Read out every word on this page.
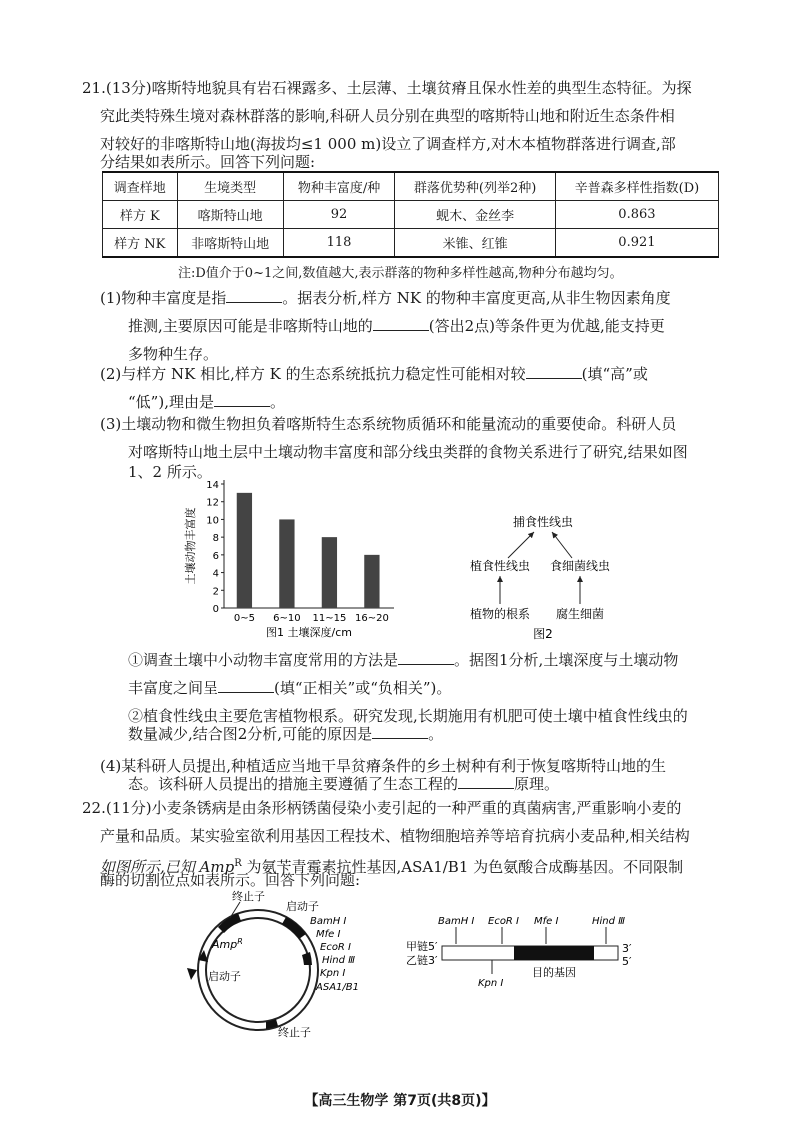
21.(13分)喀斯特地貌具有岩石裸露多、土层薄、土壤贫瘠且保水性差的典型生态特征。为探

究此类特殊生境对森林群落的影响,科研人员分别在典型的喀斯特山地和附近生态条件相

对较好的非喀斯特山地(海拔均≤1 000 m)设立了调查样方,对木本植物群落进行调查,部

分结果如表所示。回答下列问题:

调查样地	生境类型	物种丰富度/种	群落优势种(列举2种)	辛普森多样性指数(D)
样方 K	喀斯特山地	92	蚬木、金丝李	0.863
样方 NK	非喀斯特山地	118	米锥、红锥	0.921
注:D值介于0~1之间,数值越大,表示群落的物种多样性越高,物种分布越均匀。

(1)物种丰富度是指	。据表分析,样方 NK 的物种丰富度更高,从非生物因素角度

推测,主要原因可能是非喀斯特山地的	(答出2点)等条件更为优越,能支持更

多物种生存。

(2)与样方 NK 相比,样方 K 的生态系统抵抗力稳定性可能相对较	(填“高”或

“低”),理由是	。

(3)土壤动物和微生物担负着喀斯特生态系统物质循环和能量流动的重要使命。科研人员

对喀斯特山地土层中土壤动物丰富度和部分线虫类群的食物关系进行了研究,结果如图

1、2 所示。

0
2
4
6
8
10
12
14
0~5 6~10 11~15 16~20
土壤动物丰富度
图1 土壤深度/cm
捕食性线虫
植食性线虫 食细菌线虫
植物的根系 腐生细菌
图2

①调查土壤中小动物丰富度常用的方法是	。据图1分析,土壤深度与土壤动物

丰富度之间呈	(填“正相关”或“负相关”)。

②植食性线虫主要危害植物根系。研究发现,长期施用有机肥可使土壤中植食性线虫的

数量减少,结合图2分析,可能的原因是	。

(4)某科研人员提出,种植适应当地干旱贫瘠条件的乡土树种有利于恢复喀斯特山地的生

态。该科研人员提出的措施主要遵循了生态工程的	原理。

22.(11分)小麦条锈病是由条形柄锈菌侵染小麦引起的一种严重的真菌病害,严重影响小麦的

产量和品质。某实验室欲利用基因工程技术、植物细胞培养等培育抗病小麦品种,相关结构

如图所示,已知 Amp$^R$ 为氨苄青霉素抗性基因,ASA1/B1 为色氨酸合成酶基因。不同限制

酶的切割位点如表所示。回答下列问题:

终止子
启动子
Amp$^R$
启动子
BamH Ⅰ
Mfe Ⅰ
EcoR Ⅰ
Hind Ⅲ
Kpn Ⅰ
ASA1/B1
终止子
BamH Ⅰ EcoR Ⅰ Mfe Ⅰ	Hind Ⅲ
甲链5′
乙链3′
3′
5′
Kpn Ⅰ
目的基因
【高三生物学 第7页(共8页)】
